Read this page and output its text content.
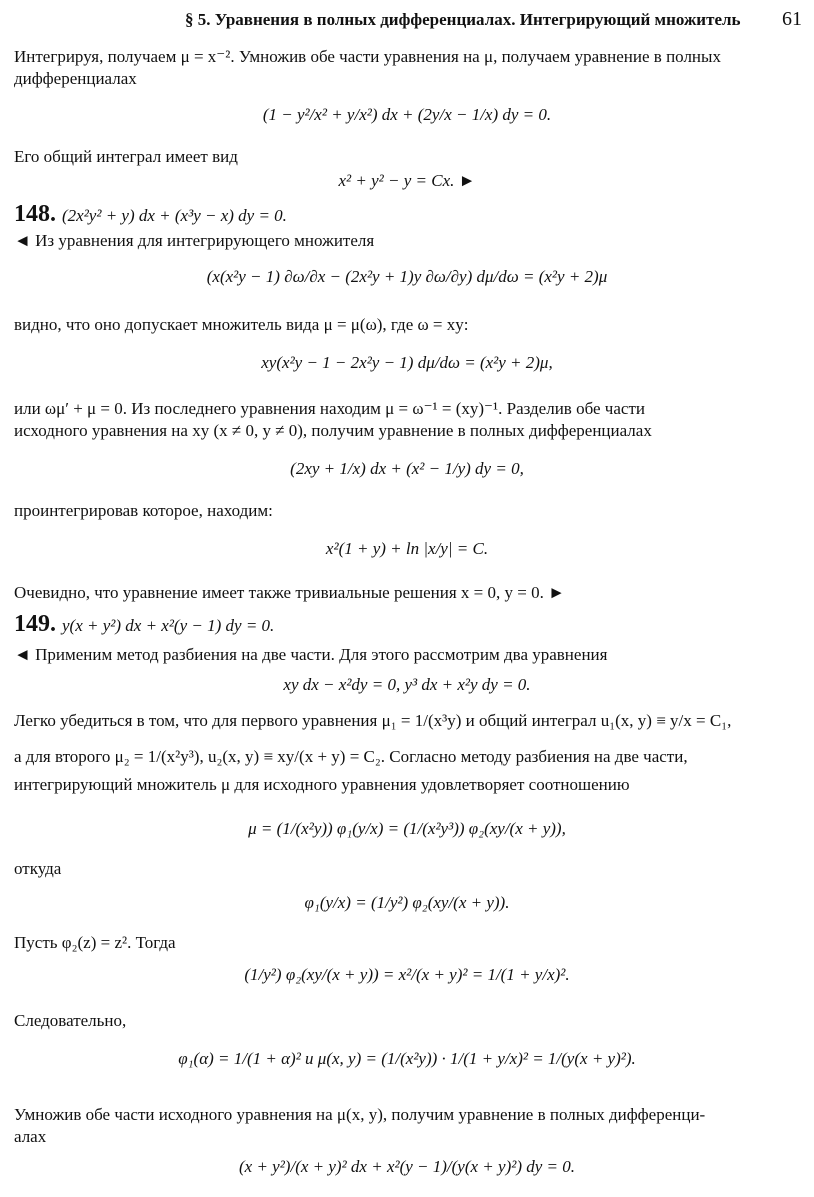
§ 5. Уравнения в полных дифференциалах. Интегрирующий множитель 61
Интегрируя, получаем μ = x⁻². Умножив обе части уравнения на μ, получаем уравнение в полных
дифференциалах
(1 − y²/x² + y/x²) dx + (2y/x − 1/x) dy = 0.
Его общий интеграл имеет вид
x² + y² − y = Cx. ►
148. (2x²y² + y) dx + (x³y − x) dy = 0.
◄ Из уравнения для интегрирующего множителя
(x(x²y − 1) ∂ω/∂x − (2x²y + 1)y ∂ω/∂y) dμ/dω = (x²y + 2)μ
видно, что оно допускает множитель вида μ = μ(ω), где ω = xy:
xy(x²y − 1 − 2x²y − 1) dμ/dω = (x²y + 2)μ,
или ωμ′ + μ = 0. Из последнего уравнения находим μ = ω⁻¹ = (xy)⁻¹. Разделив обе части
исходного уравнения на xy (x ≠ 0, y ≠ 0), получим уравнение в полных дифференциалах
(2xy + 1/x) dx + (x² − 1/y) dy = 0,
проинтегрировав которое, находим:
x²(1 + y) + ln |x/y| = C.
Очевидно, что уравнение имеет также тривиальные решения x = 0, y = 0. ►
149. y(x + y²) dx + x²(y − 1) dy = 0.
◄ Применим метод разбиения на две части. Для этого рассмотрим два уравнения
xy dx − x²dy = 0, y³ dx + x²y dy = 0.
Легко убедиться в том, что для первого уравнения μ₁ = 1/(x³y) и общий интеграл u₁(x, y) ≡ y/x = C₁,
а для второго μ₂ = 1/(x²y³), u₂(x, y) ≡ xy/(x + y) = C₂. Согласно методу разбиения на две части,
интегрирующий множитель μ для исходного уравнения удовлетворяет соотношению
μ = (1/(x²y)) φ₁(y/x) = (1/(x²y³)) φ₂(xy/(x + y)),
откуда
φ₁(y/x) = (1/y²) φ₂(xy/(x + y)).
Пусть φ₂(z) = z². Тогда
(1/y²) φ₂(xy/(x + y)) = x²/(x + y)² = 1/(1 + y/x)².
Следовательно,
φ₁(α) = 1/(1 + α)² и μ(x, y) = (1/(x²y)) · 1/(1 + y/x)² = 1/(y(x + y)²).
Умножив обе части исходного уравнения на μ(x, y), получим уравнение в полных дифференци-
алах
(x + y²)/(x + y)² dx + x²(y − 1)/(y(x + y)²) dy = 0.
